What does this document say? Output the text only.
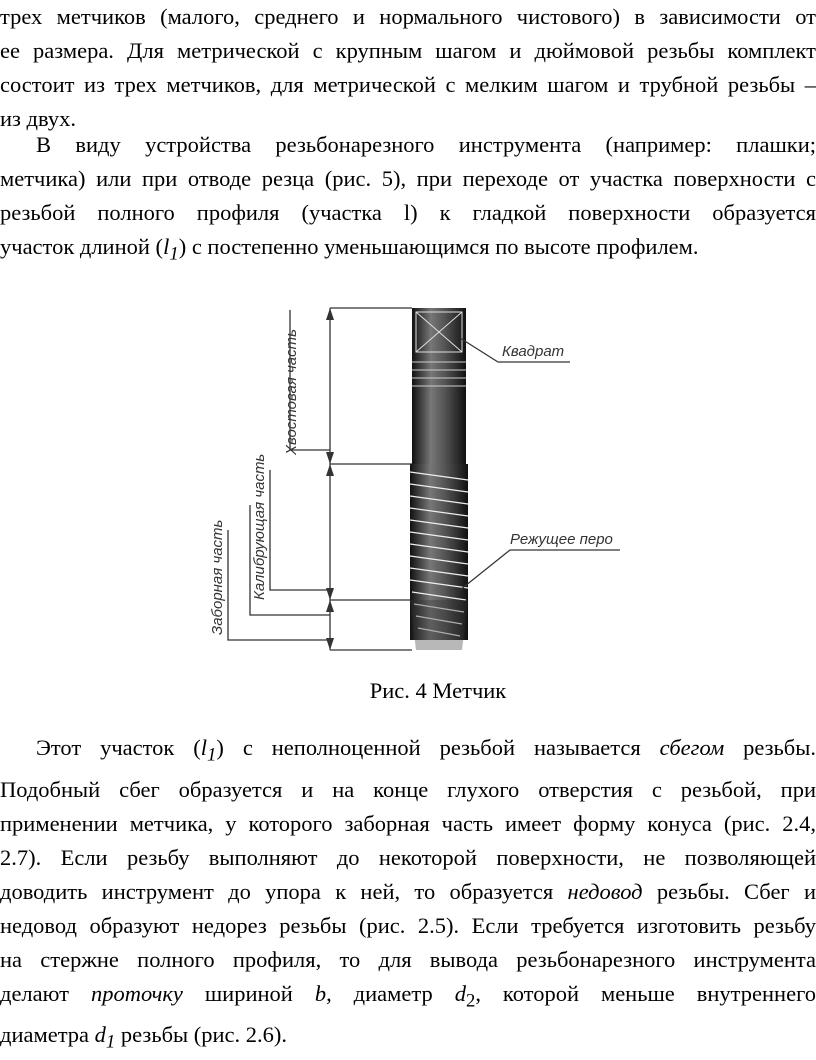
трех метчиков (малого, среднего и нормального чистового) в зависимости от
ее размера. Для метрической с крупным шагом и дюймовой резьбы комплект
состоит из трех метчиков, для метрической с мелким шагом и трубной резьбы –
из двух.
В виду устройства резьбонарезного инструмента (например: плашки;
метчика) или при отводе резца (рис. 5), при переходе от участка поверхности с
резьбой полного профиля (участка l) к гладкой поверхности образуется
участок длиной $(l_1)$ с постепенно уменьшающимся по высоте профилем.
Квадрат
Режущее перо
Хвостовая часть
Калибрующая часть
Заборная часть
Рис. 4 Метчик
Этот участок $(l_1)$ с неполноценной резьбой называется сбегом резьбы.
Подобный сбег образуется и на конце глухого отверстия с резьбой, при
применении метчика, у которого заборная часть имеет форму конуса (рис. 2.4,
2.7). Если резьбу выполняют до некоторой поверхности, не позволяющей
доводить инструмент до упора к ней, то образуется недовод резьбы. Сбег и
недовод образуют недорез резьбы (рис. 2.5). Если требуется изготовить резьбу
на стержне полного профиля, то для вывода резьбонарезного инструмента
делают проточку шириной b, диаметр $d_2$, которой меньше внутреннего
диаметра $d_1$ резьбы (рис. 2.6).
